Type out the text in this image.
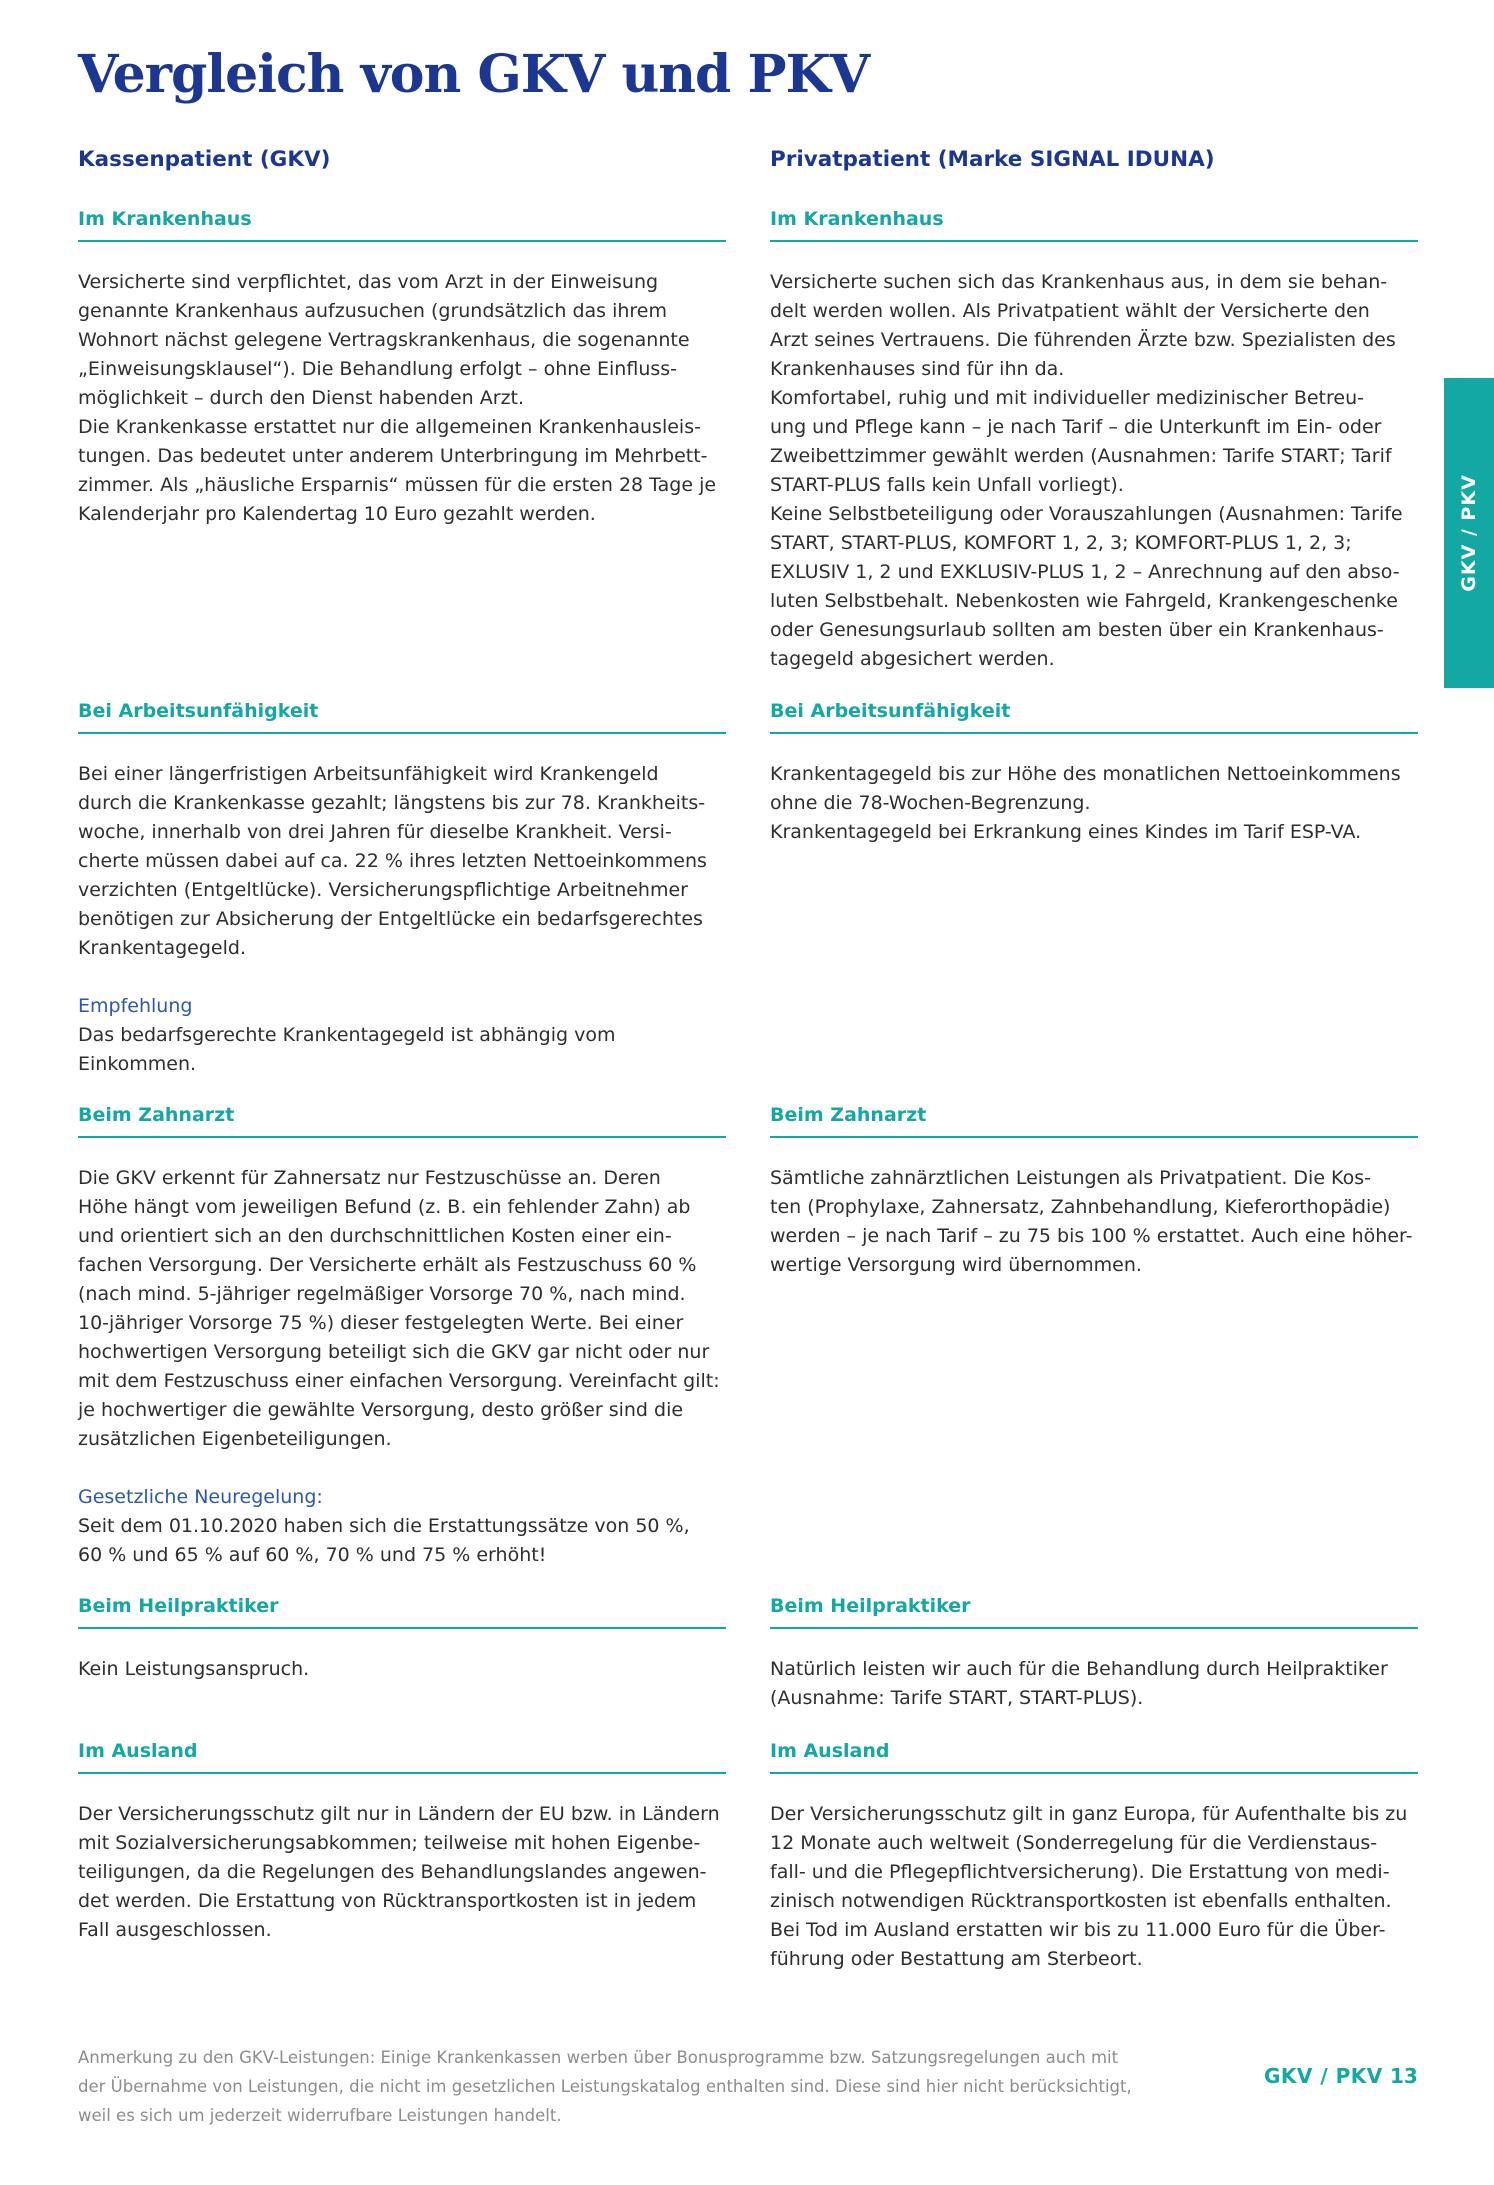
Vergleich von GKV und PKV
Kassenpatient (GKV)	Privatpatient (Marke SIGNAL IDUNA)
GKV / PKV
Im Krankenhaus
Versicherte sind verpflichtet, das vom Arzt in der Einweisung
genannte Krankenhaus aufzusuchen (grundsätzlich das ihrem
Wohnort nächst gelegene Vertragskrankenhaus, die sogenannte
„Einweisungsklausel“). Die Behandlung erfolgt – ohne Einfluss-
möglichkeit – durch den Dienst habenden Arzt.
Die Krankenkasse erstattet nur die allgemeinen Krankenhausleis-
tungen. Das bedeutet unter anderem Unterbringung im Mehrbett-
zimmer. Als „häusliche Ersparnis“ müssen für die ersten 28 Tage je
Kalenderjahr pro Kalendertag 10 Euro gezahlt werden.
Im Krankenhaus
Versicherte suchen sich das Krankenhaus aus, in dem sie behan-
delt werden wollen. Als Privatpatient wählt der Versicherte den
Arzt seines Vertrauens. Die führenden Ärzte bzw. Spezialisten des
Krankenhauses sind für ihn da.
Komfortabel, ruhig und mit individueller medizinischer Betreu-
ung und Pflege kann – je nach Tarif – die Unterkunft im Ein- oder
Zweibettzimmer gewählt werden (Ausnahmen: Tarife START; Tarif
START-PLUS falls kein Unfall vorliegt).
Keine Selbstbeteiligung oder Vorauszahlungen (Ausnahmen: Tarife
START, START-PLUS, KOMFORT 1, 2, 3; KOMFORT-PLUS 1, 2, 3;
EXLUSIV 1, 2 und EXKLUSIV-PLUS 1, 2 – Anrechnung auf den abso-
luten Selbstbehalt. Nebenkosten wie Fahrgeld, Krankengeschenke
oder Genesungsurlaub sollten am besten über ein Krankenhaus-
tagegeld abgesichert werden.
Bei Arbeitsunfähigkeit
Bei einer längerfristigen Arbeitsunfähigkeit wird Krankengeld
durch die Krankenkasse gezahlt; längstens bis zur 78. Krankheits-
woche, innerhalb von drei Jahren für dieselbe Krankheit. Versi-
cherte müssen dabei auf ca. 22 % ihres letzten Nettoeinkommens
verzichten (Entgeltlücke). Versicherungspflichtige Arbeitnehmer
benötigen zur Absicherung der Entgeltlücke ein bedarfsgerechtes
Krankentagegeld.
Empfehlung
Das bedarfsgerechte Krankentagegeld ist abhängig vom
Einkommen.
Bei Arbeitsunfähigkeit
Krankentagegeld bis zur Höhe des monatlichen Nettoeinkommens
ohne die 78-Wochen-Begrenzung.
Krankentagegeld bei Erkrankung eines Kindes im Tarif ESP-VA.
Beim Zahnarzt
Die GKV erkennt für Zahnersatz nur Festzuschüsse an. Deren
Höhe hängt vom jeweiligen Befund (z. B. ein fehlender Zahn) ab
und orientiert sich an den durchschnittlichen Kosten einer ein-
fachen Versorgung. Der Versicherte erhält als Festzuschuss 60 %
(nach mind. 5-jähriger regelmäßiger Vorsorge 70 %, nach mind.
10-jähriger Vorsorge 75 %) dieser festgelegten Werte. Bei einer
hochwertigen Versorgung beteiligt sich die GKV gar nicht oder nur
mit dem Festzuschuss einer einfachen Versorgung. Vereinfacht gilt:
je hochwertiger die gewählte Versorgung, desto größer sind die
zusätzlichen Eigenbeteiligungen.
Gesetzliche Neuregelung:
Seit dem 01.10.2020 haben sich die Erstattungssätze von 50 %,
60 % und 65 % auf 60 %, 70 % und 75 % erhöht!
Beim Zahnarzt
Sämtliche zahnärztlichen Leistungen als Privatpatient. Die Kos-
ten (Prophylaxe, Zahnersatz, Zahnbehandlung, Kieferorthopädie)
werden – je nach Tarif – zu 75 bis 100 % erstattet. Auch eine höher-
wertige Versorgung wird übernommen.
Beim Heilpraktiker
Kein Leistungsanspruch.
Beim Heilpraktiker
Natürlich leisten wir auch für die Behandlung durch Heilpraktiker
(Ausnahme: Tarife START, START-PLUS).
Im Ausland
Der Versicherungsschutz gilt nur in Ländern der EU bzw. in Ländern
mit Sozialversicherungsabkommen; teilweise mit hohen Eigenbe-
teiligungen, da die Regelungen des Behandlungslandes angewen-
det werden. Die Erstattung von Rücktransportkosten ist in jedem
Fall ausgeschlossen.
Im Ausland
Der Versicherungsschutz gilt in ganz Europa, für Aufenthalte bis zu
12 Monate auch weltweit (Sonderregelung für die Verdienstaus-
fall- und die Pflegepflichtversicherung). Die Erstattung von medi-
zinisch notwendigen Rücktransportkosten ist ebenfalls enthalten.
Bei Tod im Ausland erstatten wir bis zu 11.000 Euro für die Über-
führung oder Bestattung am Sterbeort.
Anmerkung zu den GKV-Leistungen: Einige Krankenkassen werben über Bonusprogramme bzw. Satzungsregelungen auch mit
der Übernahme von Leistungen, die nicht im gesetzlichen Leistungskatalog enthalten sind. Diese sind hier nicht berücksichtigt,
weil es sich um jederzeit widerrufbare Leistungen handelt.
GKV / PKV 13
